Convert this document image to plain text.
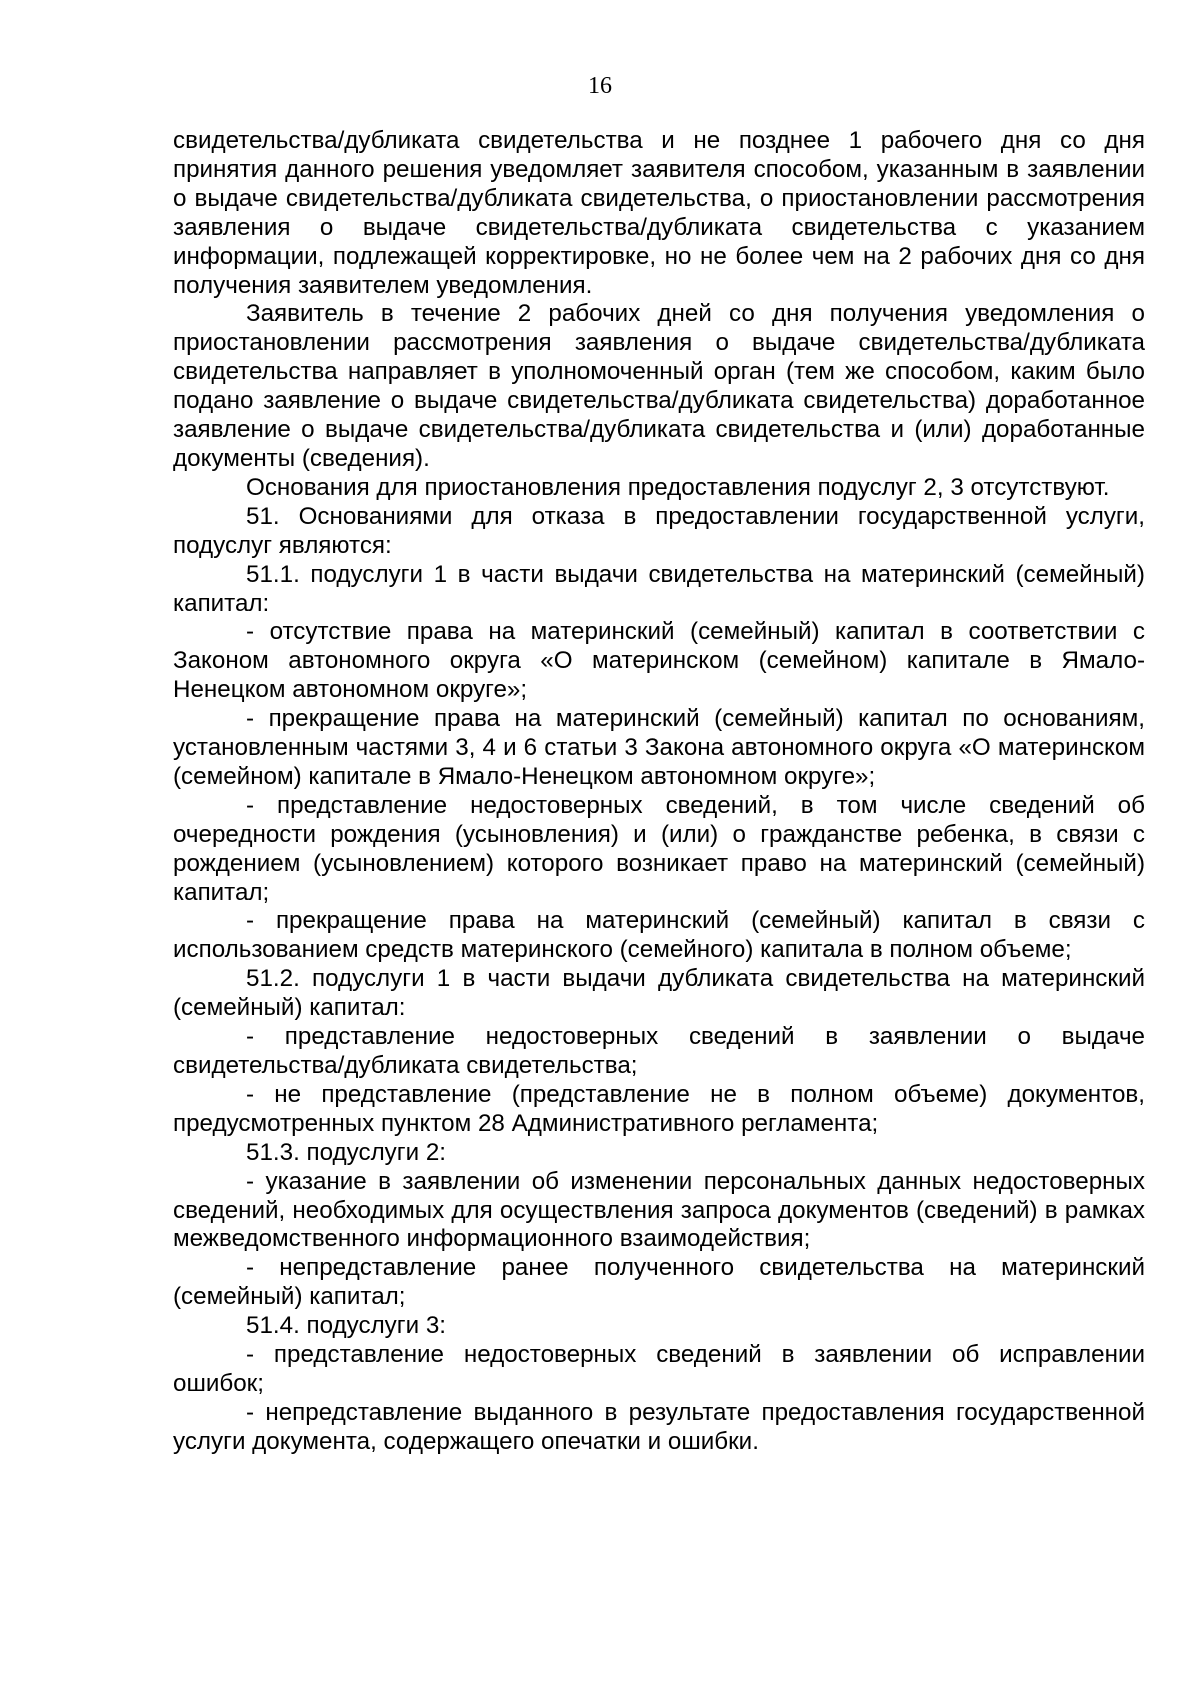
16

свидетельства/дубликата свидетельства и не позднее 1 рабочего дня со дня принятия данного решения уведомляет заявителя способом, указанным в заявлении о выдаче свидетельства/дубликата свидетельства, о приостановлении рассмотрения заявления о выдаче свидетельства/дубликата свидетельства с указанием информации, подлежащей корректировке, но не более чем на 2 рабочих дня со дня получения заявителем уведомления.

Заявитель в течение 2 рабочих дней со дня получения уведомления о приостановлении рассмотрения заявления о выдаче свидетельства/дубликата свидетельства направляет в уполномоченный орган (тем же способом, каким было подано заявление о выдаче свидетельства/дубликата свидетельства) доработанное заявление о выдаче свидетельства/дубликата свидетельства и (или) доработанные документы (сведения).

Основания для приостановления предоставления подуслуг 2, 3 отсутствуют.

51. Основаниями для отказа в предоставлении государственной услуги, подуслуг являются:

51.1. подуслуги 1 в части выдачи свидетельства на материнский (семейный) капитал:

- отсутствие права на материнский (семейный) капитал в соответствии с Законом автономного округа «О материнском (семейном) капитале в Ямало-Ненецком автономном округе»;

- прекращение права на материнский (семейный) капитал по основаниям, установленным частями 3, 4 и 6 статьи 3 Закона автономного округа «О материнском (семейном) капитале в Ямало-Ненецком автономном округе»;

- представление недостоверных сведений, в том числе сведений об очередности рождения (усыновления) и (или) о гражданстве ребенка, в связи с рождением (усыновлением) которого возникает право на материнский (семейный) капитал;

- прекращение права на материнский (семейный) капитал в связи с использованием средств материнского (семейного) капитала в полном объеме;

51.2. подуслуги 1 в части выдачи дубликата свидетельства на материнский (семейный) капитал:

- представление недостоверных сведений в заявлении о выдаче свидетельства/дубликата свидетельства;

- не представление (представление не в полном объеме) документов, предусмотренных пунктом 28 Административного регламента;

51.3. подуслуги 2:

- указание в заявлении об изменении персональных данных недостоверных сведений, необходимых для осуществления запроса документов (сведений) в рамках межведомственного информационного взаимодействия;

- непредставление ранее полученного свидетельства на материнский (семейный) капитал;

51.4. подуслуги 3:

- представление недостоверных сведений в заявлении об исправлении ошибок;

- непредставление выданного в результате предоставления государственной услуги документа, содержащего опечатки и ошибки.
